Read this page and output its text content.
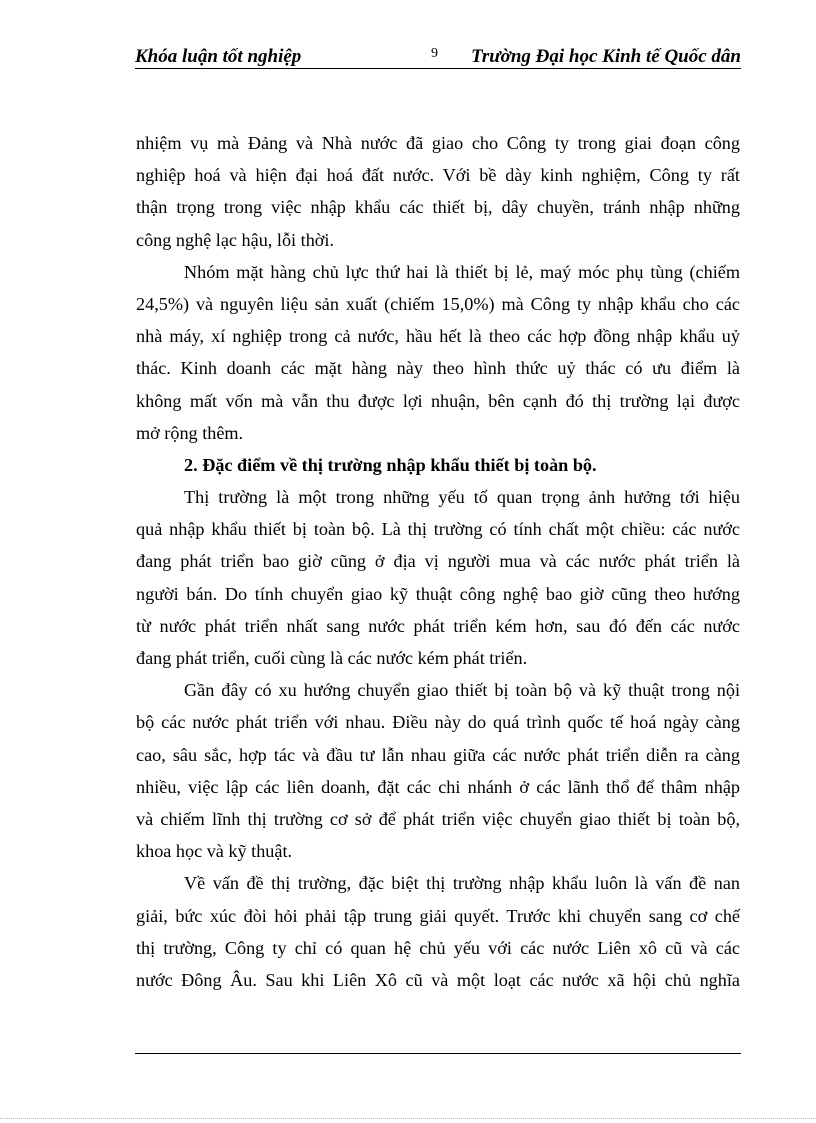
Khóa luận tốt nghiệp	9 Trường Đại học Kinh tế Quốc dân
nhiệm vụ mà Đảng và Nhà nước đã giao cho Công ty trong giai đoạn công
nghiệp hoá và hiện đại hoá đất nước. Với bề dày kinh nghiệm, Công ty rất
thận trọng trong việc nhập khẩu các thiết bị, dây chuyền, tránh nhập những
công nghệ lạc hậu, lỗi thời.
Nhóm mặt hàng chủ lực thứ hai là thiết bị lẻ, maý móc phụ tùng (chiếm
24,5%) và nguyên liệu sản xuất (chiếm 15,0%) mà Công ty nhập khẩu cho các
nhà máy, xí nghiệp trong cả nước, hầu hết là theo các hợp đồng nhập khẩu uỷ
thác. Kinh doanh các mặt hàng này theo hình thức uỷ thác có ưu điểm là
không mất vốn mà vẫn thu được lợi nhuận, bên cạnh đó thị trường lại được
mở rộng thêm.
2. Đặc điểm về thị trường nhập khẩu thiết bị toàn bộ.
Thị trường là một trong những yếu tố quan trọng ảnh hưởng tới hiệu
quả nhập khẩu thiết bị toàn bộ. Là thị trường có tính chất một chiều: các nước
đang phát triển bao giờ cũng ở địa vị người mua và các nước phát triển là
người bán. Do tính chuyển giao kỹ thuật công nghệ bao giờ cũng theo hướng
từ nước phát triển nhất sang nước phát triển kém hơn, sau đó đến các nước
đang phát triển, cuối cùng là các nước kém phát triển.
Gần đây có xu hướng chuyển giao thiết bị toàn bộ và kỹ thuật trong nội
bộ các nước phát triển với nhau. Điều này do quá trình quốc tế hoá ngày càng
cao, sâu sắc, hợp tác và đầu tư lẫn nhau giữa các nước phát triển diễn ra càng
nhiều, việc lập các liên doanh, đặt các chi nhánh ở các lãnh thổ để thâm nhập
và chiếm lĩnh thị trường cơ sở để phát triển việc chuyển giao thiết bị toàn bộ,
khoa học và kỹ thuật.
Về vấn đề thị trường, đặc biệt thị trường nhập khẩu luôn là vấn đề nan
giải, bức xúc đòi hỏi phải tập trung giải quyết. Trước khi chuyển sang cơ chế
thị trường, Công ty chỉ có quan hệ chủ yếu với các nước Liên xô cũ và các
nước Đông Âu. Sau khi Liên Xô cũ và một loạt các nước xã hội chủ nghĩa
